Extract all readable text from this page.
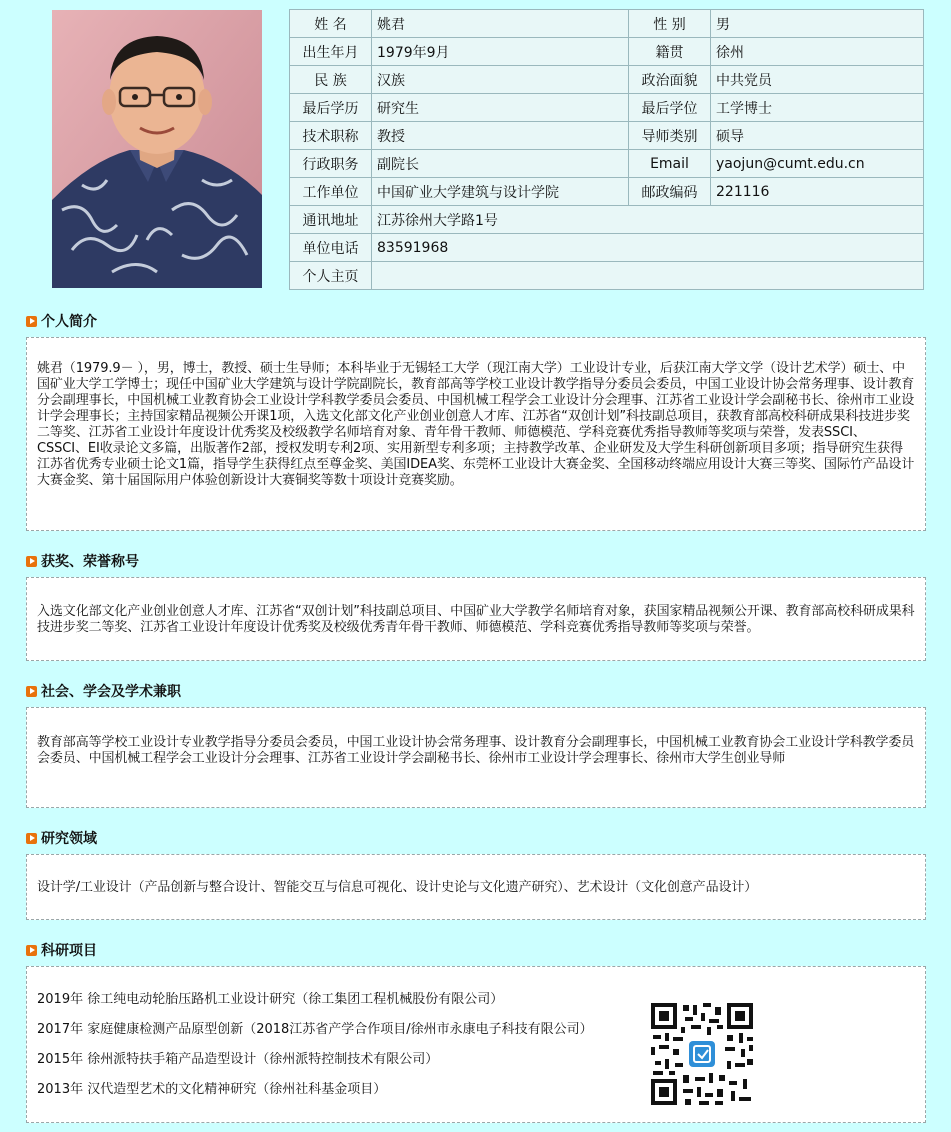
姓 名	姚君	性 别	男
出生年月	1979年9月	籍贯	徐州
民 族	汉族	政治面貌	中共党员
最后学历	研究生	最后学位	工学博士
技术职称	教授	导师类别	硕导
行政职务	副院长	Email	yaojun@cumt.edu.cn
工作单位	中国矿业大学建筑与设计学院	邮政编码	221116
通讯地址	江苏徐州大学路1号		
单位电话	83591968		
个人主页			
个人简介

姚君（1979.9－ ），男，博士，教授、硕士生导师；本科毕业于无锡轻工大学（现江南大学）工业设计专业，后获江南大学文学（设计艺术学）硕士、中国矿业大学工学博士；现任中国矿业大学建筑与设计学院副院长，教育部高等学校工业设计教学指导分委员会委员，中国工业设计协会常务理事、设计教育分会副理事长，中国机械工业教育协会工业设计学科教学委员会委员、中国机械工程学会工业设计分会理事、江苏省工业设计学会副秘书长、徐州市工业设计学会理事长；主持国家精品视频公开课1项，入选文化部文化产业创业创意人才库、江苏省“双创计划”科技副总项目，获教育部高校科研成果科技进步奖二等奖、江苏省工业设计年度设计优秀奖及校级教学名师培育对象、青年骨干教师、师德模范、学科竞赛优秀指导教师等奖项与荣誉，发表SSCI、CSSCI、EI收录论文多篇，出版著作2部，授权发明专利2项、实用新型专利多项；主持教学改革、企业研发及大学生科研创新项目多项；指导研究生获得江苏省优秀专业硕士论文1篇，指导学生获得红点至尊金奖、美国IDEA奖、东莞杯工业设计大赛金奖、全国移动终端应用设计大赛三等奖、国际竹产品设计大赛金奖、第十届国际用户体验创新设计大赛铜奖等数十项设计竞赛奖励。

获奖、荣誉称号

入选文化部文化产业创业创意人才库、江苏省“双创计划”科技副总项目、中国矿业大学教学名师培育对象，获国家精品视频公开课、教育部高校科研成果科技进步奖二等奖、江苏省工业设计年度设计优秀奖及校级优秀青年骨干教师、师德模范、学科竞赛优秀指导教师等奖项与荣誉。

社会、学会及学术兼职

教育部高等学校工业设计专业教学指导分委员会委员，中国工业设计协会常务理事、设计教育分会副理事长，中国机械工业教育协会工业设计学科教学委员会委员、中国机械工程学会工业设计分会理事、江苏省工业设计学会副秘书长、徐州市工业设计学会理事长、徐州市大学生创业导师

研究领域

设计学/工业设计（产品创新与整合设计、智能交互与信息可视化、设计史论与文化遗产研究）、艺术设计（文化创意产品设计）

科研项目
2019年 徐工纯电动轮胎压路机工业设计研究（徐工集团工程机械股份有限公司）
2017年 家庭健康检测产品原型创新（2018江苏省产学合作项目/徐州市永康电子科技有限公司）
2015年 徐州派特扶手箱产品造型设计（徐州派特控制技术有限公司）
2013年 汉代造型艺术的文化精神研究（徐州社科基金项目）
